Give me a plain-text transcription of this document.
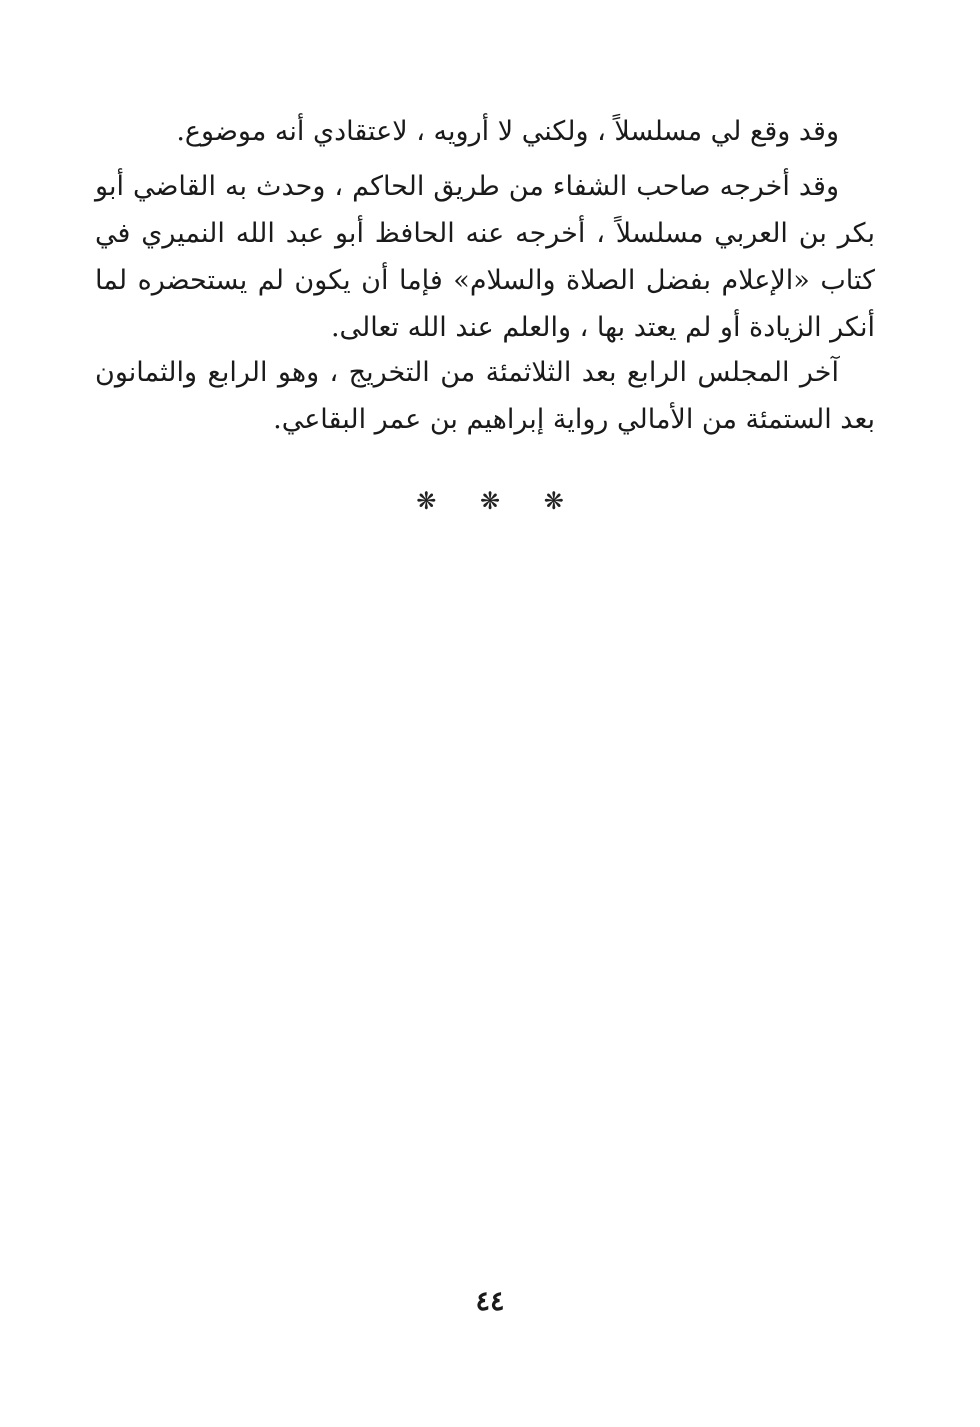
وقد وقع لي مسلسلاً ، ولكني لا أرويه ، لاعتقادي أنه موضوع.

وقد أخرجه صاحب الشفاء من طريق الحاكم ، وحدث به القاضي أبو بكر بن العربي مسلسلاً ، أخرجه عنه الحافظ أبو عبد الله النميري في كتاب «الإعلام بفضل الصلاة والسلام» فإما أن يكون لم يستحضره لما أنكر الزيادة أو لم يعتد بها ، والعلم عند الله تعالى.

آخر المجلس الرابع بعد الثلاثمئة من التخريج ، وهو الرابع والثمانون بعد الستمئة من الأمالي رواية إبراهيم بن عمر البقاعي.

❋ ❋ ❋
٤٤
